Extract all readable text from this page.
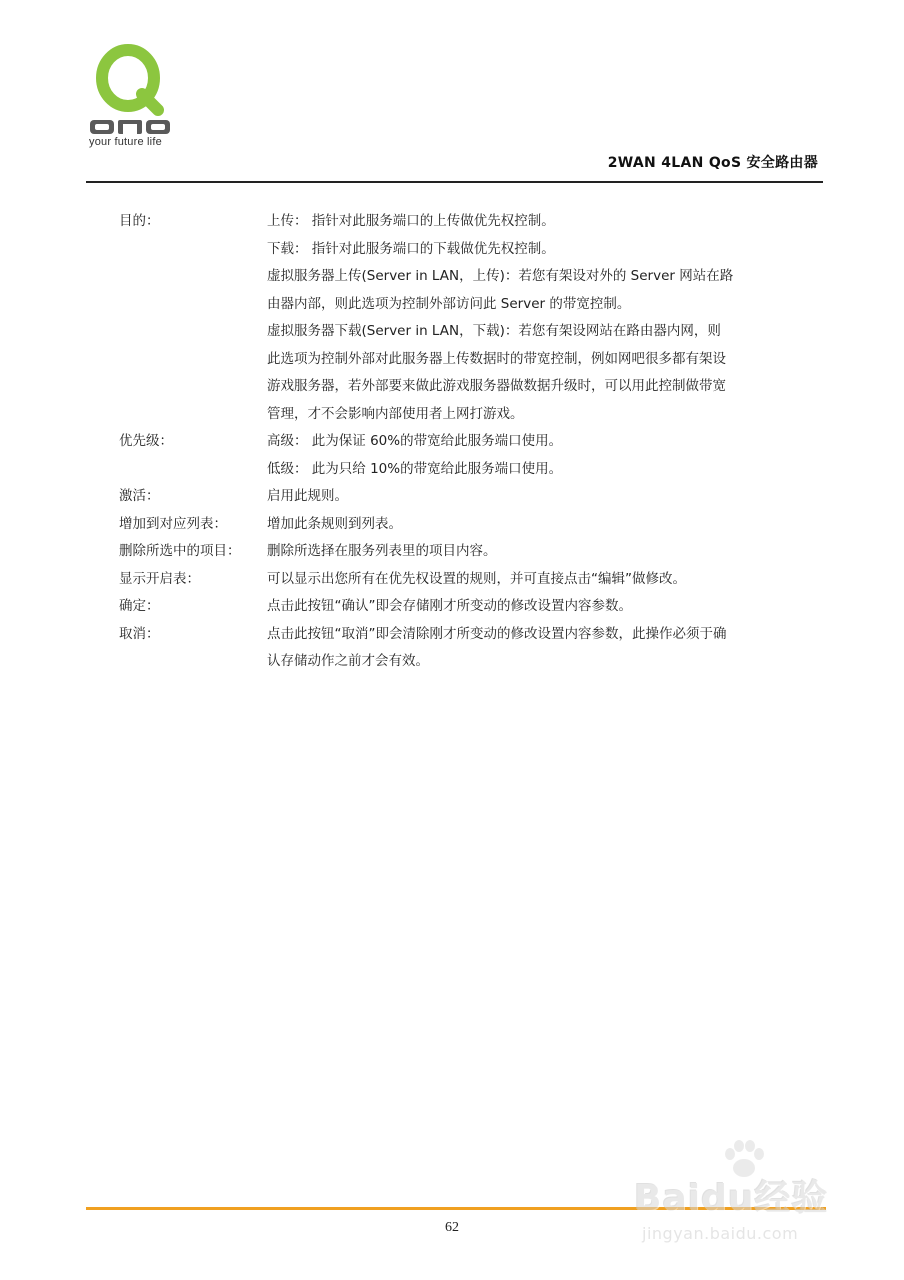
your future life
2WAN 4LAN QoS 安全路由器
目的：	上传： 指针对此服务端口的上传做优先权控制。
下载： 指针对此服务端口的下载做优先权控制。
虚拟服务器上传(Server in LAN，上传)：若您有架设对外的 Server 网站在路
由器内部，则此选项为控制外部访问此 Server 的带宽控制。
虚拟服务器下载(Server in LAN，下载)：若您有架设网站在路由器内网，则
此选项为控制外部对此服务器上传数据时的带宽控制，例如网吧很多都有架设
游戏服务器，若外部要来做此游戏服务器做数据升级时，可以用此控制做带宽
管理，才不会影响内部使用者上网打游戏。
优先级：	高级： 此为保证 60%的带宽给此服务端口使用。
低级： 此为只给 10%的带宽给此服务端口使用。
激活：	启用此规则。
增加到对应列表：	增加此条规则到列表。
删除所选中的项目：	删除所选择在服务列表里的项目内容。
显示开启表：	可以显示出您所有在优先权设置的规则，并可直接点击“编辑”做修改。
确定：	点击此按钮“确认”即会存储刚才所变动的修改设置内容参数。
取消：	点击此按钮“取消”即会清除刚才所变动的修改设置内容参数，此操作必须于确
认存储动作之前才会有效。
62
Baidu经验
jingyan.baidu.com
